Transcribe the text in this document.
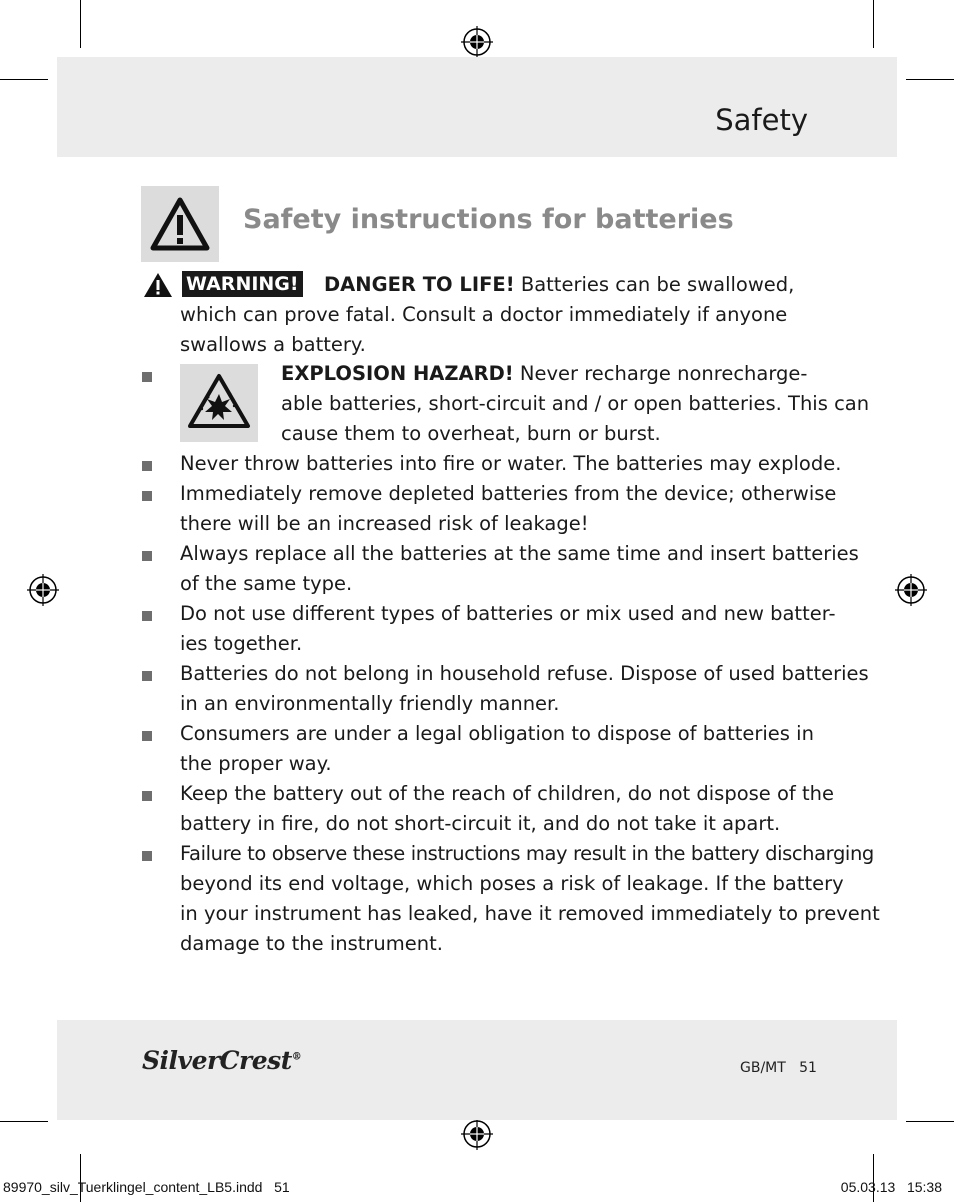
Safety
Safety instructions for batteries
WARNING! DANGER TO LIFE! Batteries can be swallowed,
which can prove fatal. Consult a doctor immediately if anyone
swallows a battery.
EXPLOSION HAZARD! Never recharge nonrecharge-
able batteries, short-circuit and / or open batteries. This can
cause them to overheat, burn or burst.
Never throw batteries into fire or water. The batteries may explode.
Immediately remove depleted batteries from the device; otherwise
there will be an increased risk of leakage!
Always replace all the batteries at the same time and insert batteries
of the same type.
Do not use different types of batteries or mix used and new batter-
ies together.
Batteries do not belong in household refuse. Dispose of used batteries
in an environmentally friendly manner.
Consumers are under a legal obligation to dispose of batteries in
the proper way.
Keep the battery out of the reach of children, do not dispose of the
battery in fire, do not short-circuit it, and do not take it apart.
Failure to observe these instructions may result in the battery discharging
beyond its end voltage, which poses a risk of leakage. If the battery
in your instrument has leaked, have it removed immediately to prevent
damage to the instrument.
SilverCrest®
GB/MT   51
89970_silv_Tuerklingel_content_LB5.indd   51	05.03.13   15:38
